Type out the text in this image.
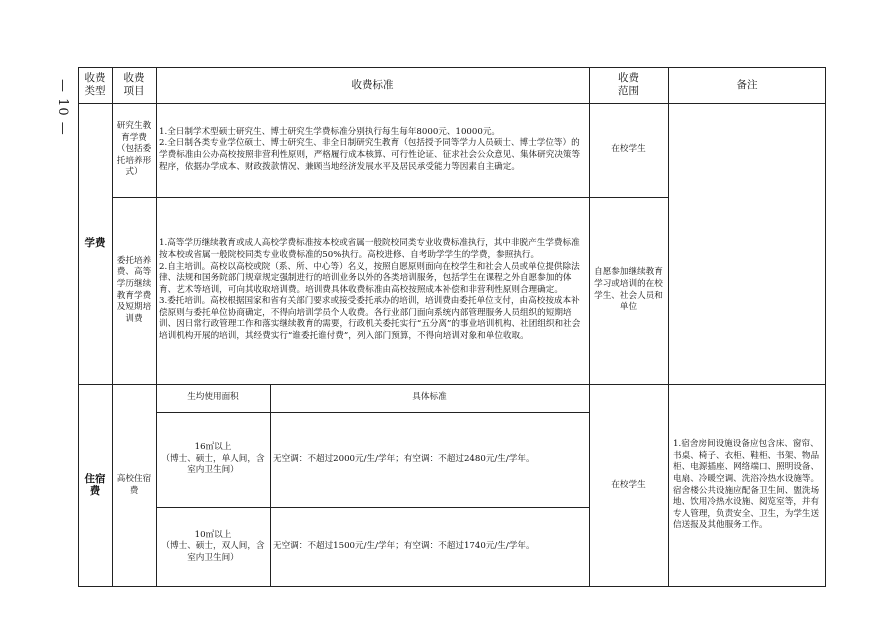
— 10 —
收费类型
收费项目
收费标准
收费范围
备注
学费
研究生教育学费（包括委托培养形式）

1.全日制学术型硕士研究生、博士研究生学费标准分别执行每生每年8000元、10000元。

2.全日制各类专业学位硕士、博士研究生、非全日制研究生教育（包括授予同等学力人员硕士、博士学位等）的学费标准由公办高校按照非营利性原则，严格履行成本核算、可行性论证、征求社会公众意见、集体研究决策等程序，依据办学成本、财政拨款情况、兼顾当地经济发展水平及居民承受能力等因素自主确定。

在校学生
委托培养费、高等学历继续教育学费及短期培训费

1.高等学历继续教育或成人高校学费标准按本校或省属一般院校同类专业收费标准执行，其中非脱产生学费标准按本校或省属一般院校同类专业收费标准的50%执行。高校进修、自考助学学生的学费，参照执行。

2.自主培训。高校以高校或院（系、所、中心等）名义，按照自愿原则面向在校学生和社会人员或单位提供除法律、法规和国务院部门规章规定强制进行的培训业务以外的各类培训服务，包括学生在课程之外自愿参加的体育、艺术等培训，可向其收取培训费。培训费具体收费标准由高校按照成本补偿和非营利性原则合理确定。

3.委托培训。高校根据国家和省有关部门要求或接受委托承办的培训，培训费由委托单位支付，由高校按成本补偿原则与委托单位协商确定，不得向培训学员个人收费。各行业部门面向系统内部管理服务人员组织的短期培训、因日常行政管理工作和落实继续教育的需要，行政机关委托实行“五分离”的事业培训机构、社团组织和社会培训机构开展的培训，其经费实行“谁委托谁付费”，列入部门预算，不得向培训对象和单位收取。

自愿参加继续教育学习或培训的在校学生、社会人员和单位
住宿费
高校住宿费
生均使用面积	具体标准
16㎡以上
（博士、硕士，单人间，含室内卫生间）
无空调：不超过2000元/生/学年；有空调：不超过2480元/生/学年。
10㎡以上
（博士、硕士，双人间，含室内卫生间）
无空调：不超过1500元/生/学年；有空调：不超过1740元/生/学年。
在校学生
1.宿舍房间设施设备应包含床、窗帘、书桌、椅子、衣柜、鞋柜、书架、物品柜、电源插座、网络端口、照明设备、电扇、冷暖空调、洗浴冷热水设施等。宿舍楼公共设施应配备卫生间、盥洗场地、饮用冷热水设施、阅览室等，并有专人管理，负责安全、卫生，为学生送信送报及其他服务工作。
